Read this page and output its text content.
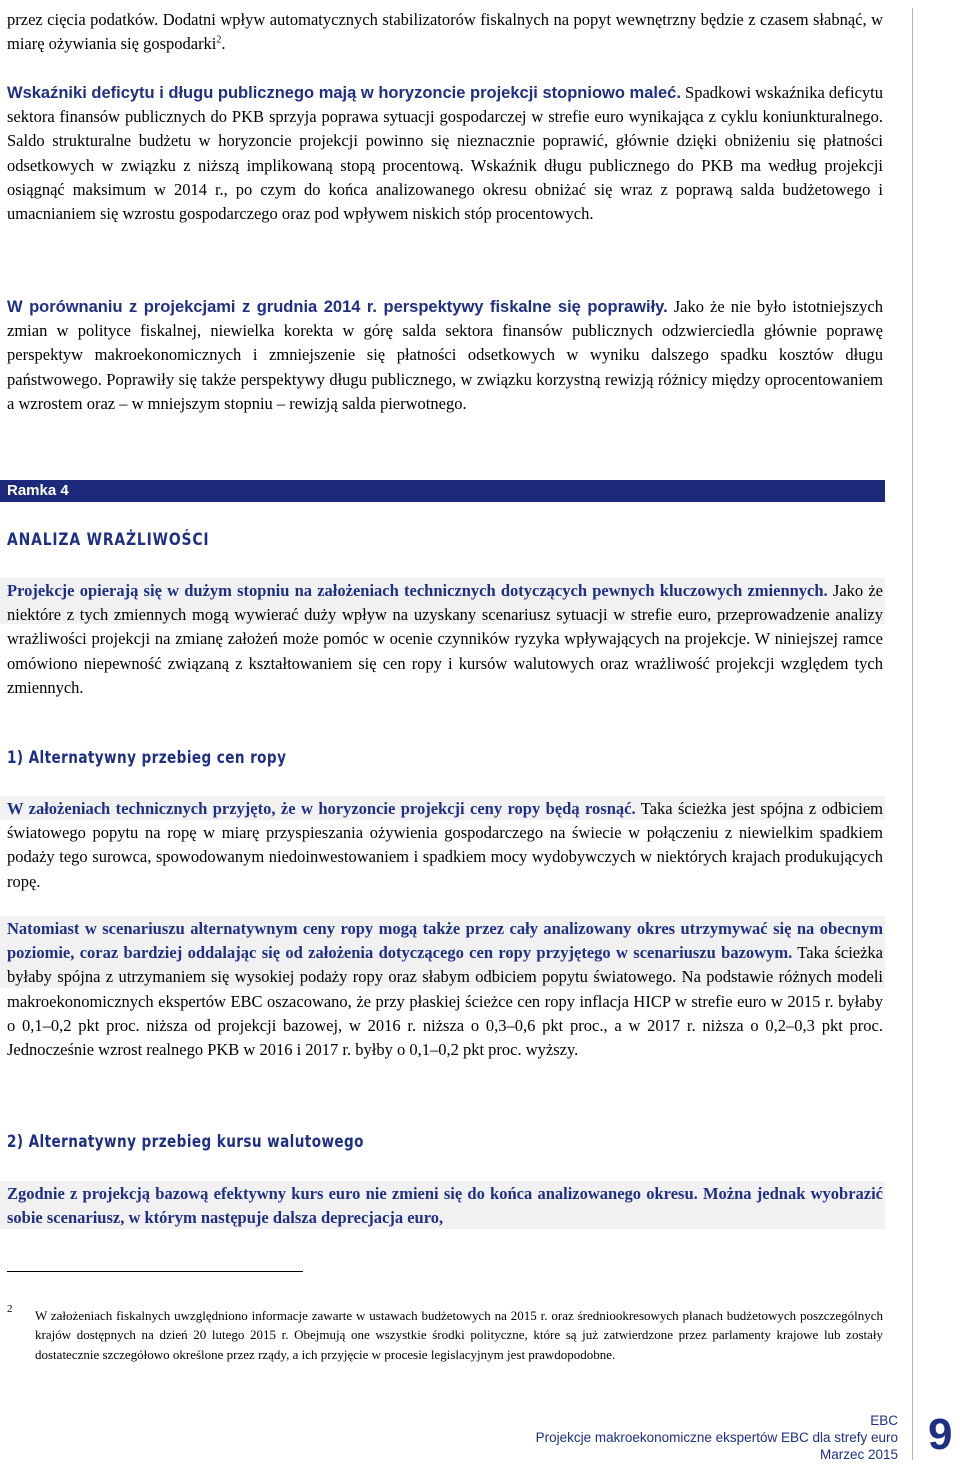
przez cięcia podatków. Dodatni wpływ automatycznych stabilizatorów fiskalnych na popyt wewnętrzny będzie z czasem słabnąć, w miarę ożywiania się gospodarki$^2$.

Wskaźniki deficytu i długu publicznego mają w horyzoncie projekcji stopniowo maleć. Spadkowi wskaźnika deficytu sektora finansów publicznych do PKB sprzyja poprawa sytuacji gospodarczej w strefie euro wynikająca z cyklu koniunkturalnego. Saldo strukturalne budżetu w horyzoncie projekcji powinno się nieznacznie poprawić, głównie dzięki obniżeniu się płatności odsetkowych w związku z niższą implikowaną stopą procentową. Wskaźnik długu publicznego do PKB ma według projekcji osiągnąć maksimum w 2014 r., po czym do końca analizowanego okresu obniżać się wraz z poprawą salda budżetowego i umacnianiem się wzrostu gospodarczego oraz pod wpływem niskich stóp procentowych.

W porównaniu z projekcjami z grudnia 2014 r. perspektywy fiskalne się poprawiły. Jako że nie było istotniejszych zmian w polityce fiskalnej, niewielka korekta w górę salda sektora finansów publicznych odzwierciedla głównie poprawę perspektyw makroekonomicznych i zmniejszenie się płatności odsetkowych w wyniku dalszego spadku kosztów długu państwowego. Poprawiły się także perspektywy długu publicznego, w związku korzystną rewizją różnicy między oprocentowaniem a wzrostem oraz – w mniejszym stopniu – rewizją salda pierwotnego.

Ramka 4
ANALIZA WRAŻLIWOŚCI

Projekcje opierają się w dużym stopniu na założeniach technicznych dotyczących pewnych kluczowych zmiennych. Jako że niektóre z tych zmiennych mogą wywierać duży wpływ na uzyskany scenariusz sytuacji w strefie euro, przeprowadzenie analizy wrażliwości projekcji na zmianę założeń może pomóc w ocenie czynników ryzyka wpływających na projekcje. W niniejszej ramce omówiono niepewność związaną z kształtowaniem się cen ropy i kursów walutowych oraz wrażliwość projekcji względem tych zmiennych.

1) Alternatywny przebieg cen ropy

W założeniach technicznych przyjęto, że w horyzoncie projekcji ceny ropy będą rosnąć. Taka ścieżka jest spójna z odbiciem światowego popytu na ropę w miarę przyspieszania ożywienia gospodarczego na świecie w połączeniu z niewielkim spadkiem podaży tego surowca, spowodowanym niedoinwestowaniem i spadkiem mocy wydobywczych w niektórych krajach produkujących ropę.

Natomiast w scenariuszu alternatywnym ceny ropy mogą także przez cały analizowany okres utrzymywać się na obecnym poziomie, coraz bardziej oddalając się od założenia dotyczącego cen ropy przyjętego w scenariuszu bazowym. Taka ścieżka byłaby spójna z utrzymaniem się wysokiej podaży ropy oraz słabym odbiciem popytu światowego. Na podstawie różnych modeli makroekonomicznych ekspertów EBC oszacowano, że przy płaskiej ścieżce cen ropy inflacja HICP w strefie euro w 2015 r. byłaby o 0,1–0,2 pkt proc. niższa od projekcji bazowej, w 2016 r. niższa o 0,3–0,6 pkt proc., a w 2017 r. niższa o 0,2–0,3 pkt proc. Jednocześnie wzrost realnego PKB w 2016 i 2017 r. byłby o 0,1–0,2 pkt proc. wyższy.

2) Alternatywny przebieg kursu walutowego

Zgodnie z projekcją bazową efektywny kurs euro nie zmieni się do końca analizowanego okresu. Można jednak wyobrazić sobie scenariusz, w którym następuje dalsza deprecjacja euro,

2 W założeniach fiskalnych uwzględniono informacje zawarte w ustawach budżetowych na 2015 r. oraz średniookresowych planach budżetowych poszczególnych krajów dostępnych na dzień 20 lutego 2015 r. Obejmują one wszystkie środki polityczne, które są już zatwierdzone przez parlamenty krajowe lub zostały dostatecznie szczegółowo określone przez rządy, a ich przyjęcie w procesie legislacyjnym jest prawdopodobne.

EBC
Projekcje makroekonomiczne ekspertów EBC dla strefy euro
Marzec 2015 9
